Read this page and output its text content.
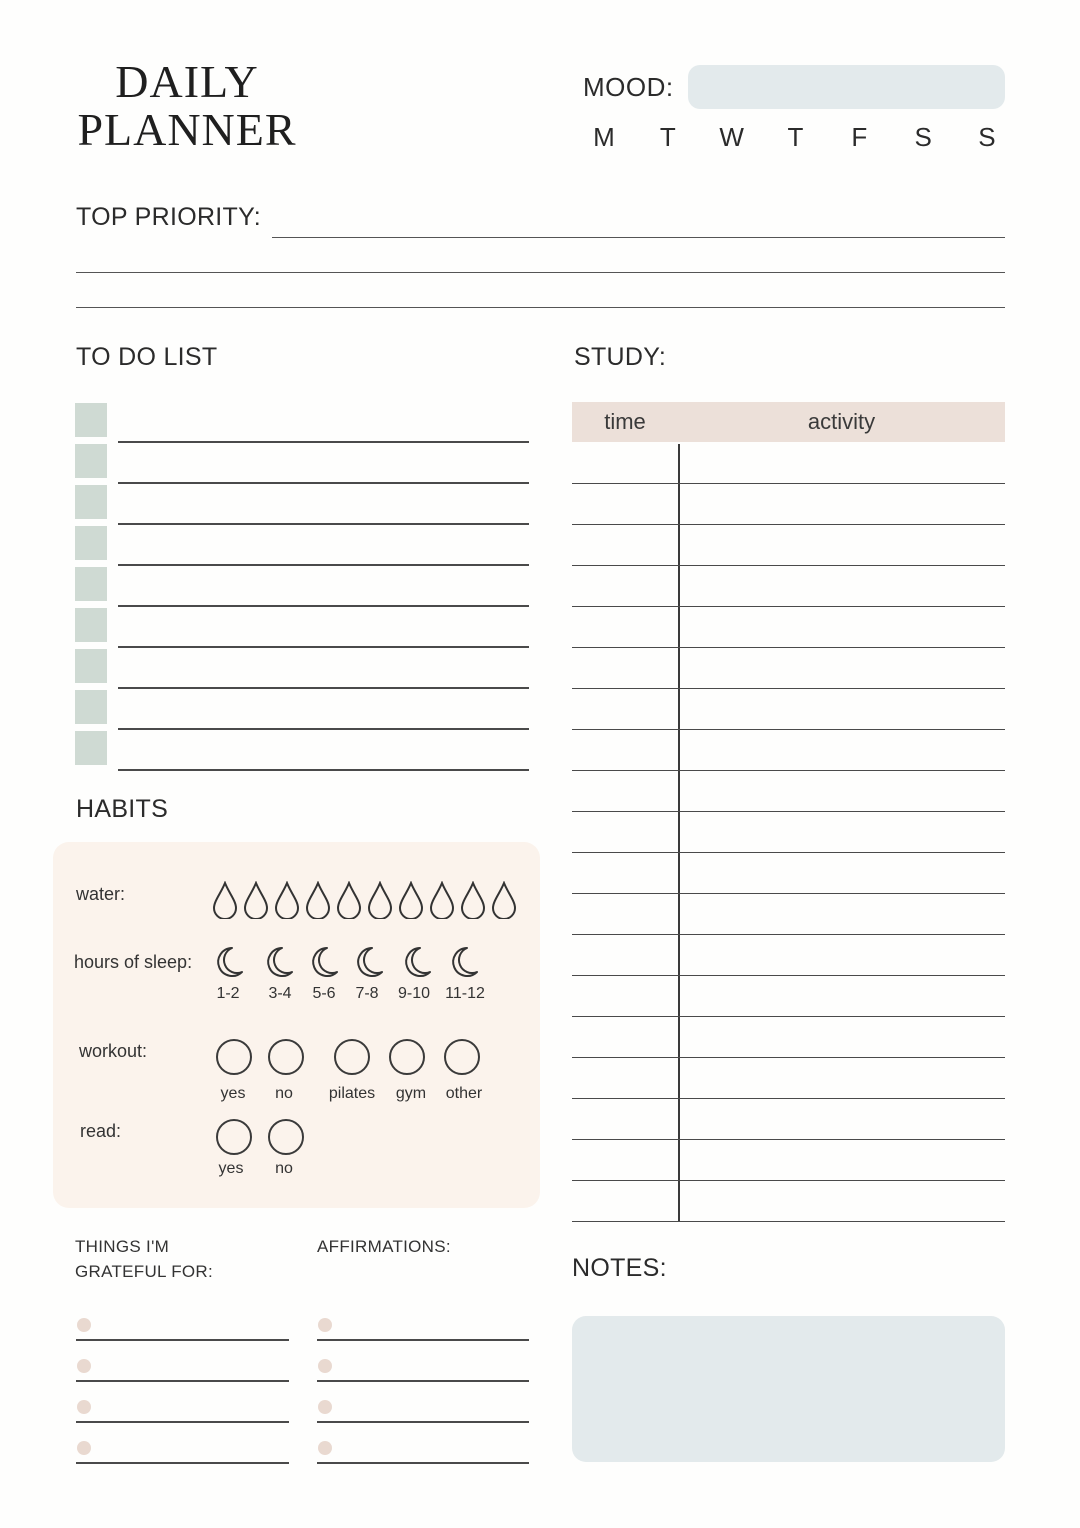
DAILY
PLANNER
MOOD:
M	T	W	T	F	S	S
TOP PRIORITY:
TO DO LIST	STUDY:
time	activity
HABITS
water:
hours of sleep:
1-2	3-4	5-6	7-8	9-10 11-12
workout:
yes	no	pilates	gym	other
read:
yes	no
THINGS I'M
GRATEFUL FOR:
AFFIRMATIONS:
NOTES:
